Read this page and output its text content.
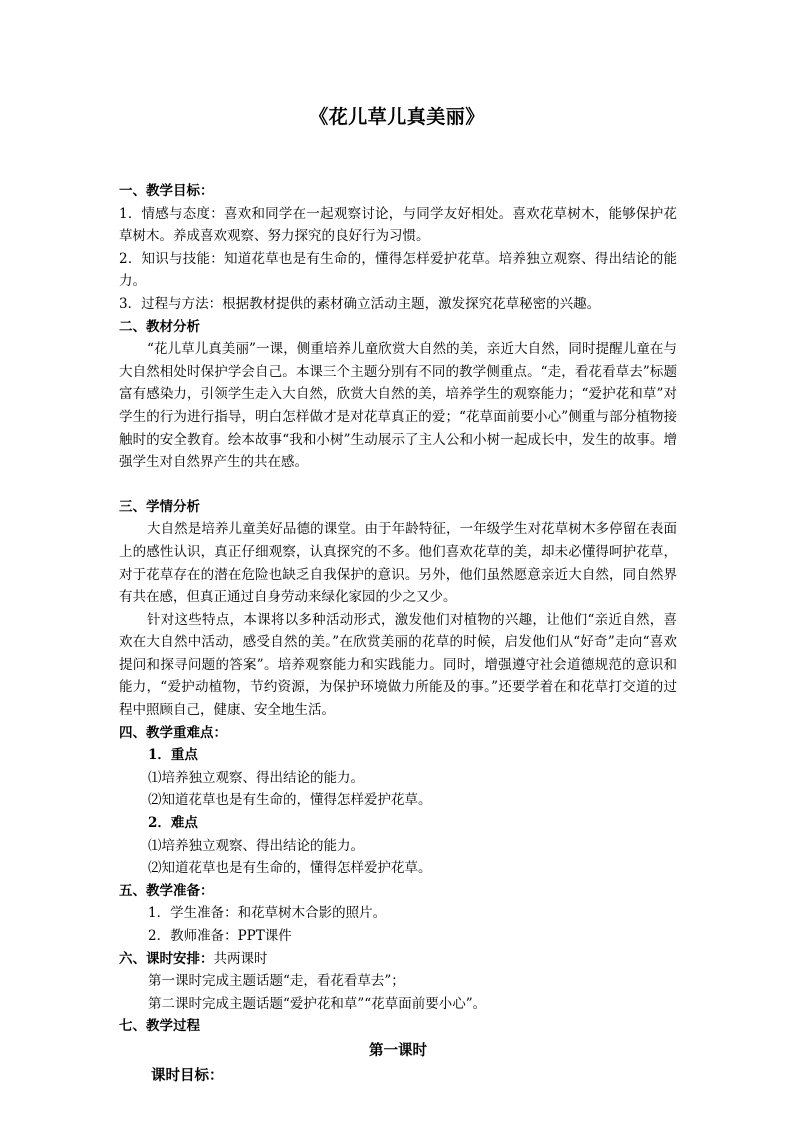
《花儿草儿真美丽》

一、教学目标：

1．情感与态度：喜欢和同学在一起观察讨论，与同学友好相处。喜欢花草树木，能够保护花草树木。养成喜欢观察、努力探究的良好行为习惯。

2．知识与技能：知道花草也是有生命的，懂得怎样爱护花草。培养独立观察、得出结论的能力。

3．过程与方法：根据教材提供的素材确立活动主题，激发探究花草秘密的兴趣。

二、教材分析

“花儿草儿真美丽”一课，侧重培养儿童欣赏大自然的美，亲近大自然，同时提醒儿童在与大自然相处时保护学会自己。本课三个主题分别有不同的教学侧重点。“走，看花看草去”标题富有感染力，引领学生走入大自然，欣赏大自然的美，培养学生的观察能力；“爱护花和草”对学生的行为进行指导，明白怎样做才是对花草真正的爱；“花草面前要小心”侧重与部分植物接触时的安全教育。绘本故事“我和小树”生动展示了主人公和小树一起成长中，发生的故事。增强学生对自然界产生的共在感。

三、学情分析

大自然是培养儿童美好品德的课堂。由于年龄特征，一年级学生对花草树木多停留在表面上的感性认识，真正仔细观察，认真探究的不多。他们喜欢花草的美，却未必懂得呵护花草，对于花草存在的潜在危险也缺乏自我保护的意识。另外，他们虽然愿意亲近大自然，同自然界有共在感，但真正通过自身劳动来绿化家园的少之又少。

针对这些特点，本课将以多种活动形式，激发他们对植物的兴趣，让他们“亲近自然，喜欢在大自然中活动，感受自然的美。”在欣赏美丽的花草的时候，启发他们从“好奇”走向“喜欢提问和探寻问题的答案”。培养观察能力和实践能力。同时，增强遵守社会道德规范的意识和能力，“爱护动植物，节约资源，为保护环境做力所能及的事。”还要学着在和花草打交道的过程中照顾自己，健康、安全地生活。

四、教学重难点：

1．重点

⑴培养独立观察、得出结论的能力。

⑵知道花草也是有生命的，懂得怎样爱护花草。

2．难点

⑴培养独立观察、得出结论的能力。

⑵知道花草也是有生命的，懂得怎样爱护花草。

五、教学准备：

1．学生准备：和花草树木合影的照片。

2．教师准备：PPT课件

六、课时安排：共两课时

第一课时完成主题话题“走，看花看草去”；

第二课时完成主题话题“爱护花和草”“花草面前要小心”。

七、教学过程

第一课时

课时目标：
